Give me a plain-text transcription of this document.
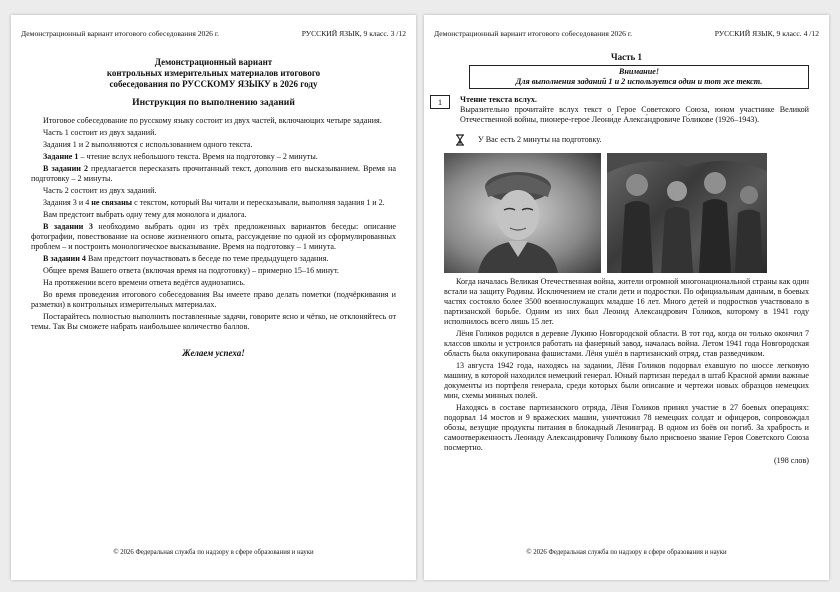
Демонстрационный вариант итогового собеседования 2026 г.	РУССКИЙ ЯЗЫК, 9 класс. 3 /12
Демонстрационный вариант
контрольных измерительных материалов итогового
собеседования по РУССКОМУ ЯЗЫКУ в 2026 году
Инструкция по выполнению заданий

Итоговое собеседование по русскому языку состоит из двух частей, включающих четыре задания.

Часть 1 состоит из двух заданий.

Задания 1 и 2 выполняются с использованием одного текста.

Задание 1 – чтение вслух небольшого текста. Время на подготовку – 2 минуты.

В задании 2 предлагается пересказать прочитанный текст, дополнив его высказыванием. Время на подготовку – 2 минуты.

Часть 2 состоит из двух заданий.

Задания 3 и 4 не связаны с текстом, который Вы читали и пересказывали, выполняя задания 1 и 2.

Вам предстоит выбрать одну тему для монолога и диалога.

В задании 3 необходимо выбрать один из трёх предложенных вариантов беседы: описание фотографии, повествование на основе жизненного опыта, рассуждение по одной из сформулированных проблем – и построить монологическое высказывание. Время на подготовку – 1 минута.

В задании 4 Вам предстоит поучаствовать в беседе по теме предыдущего задания.

Общее время Вашего ответа (включая время на подготовку) – примерно 15–16 минут.

На протяжении всего времени ответа ведётся аудиозапись.

Во время проведения итогового собеседования Вы имеете право делать пометки (подчёркивания и разметки) в контрольных измерительных материалах.

Постарайтесь полностью выполнить поставленные задачи, говорите ясно и чётко, не отклоняйтесь от темы. Так Вы сможете набрать наибольшее количество баллов.

Желаем успеха!
© 2026 Федеральная служба по надзору в сфере образования и науки
Демонстрационный вариант итогового собеседования 2026 г.	РУССКИЙ ЯЗЫК, 9 класс. 4 /12
Часть 1
Внимание!
Для выполнения заданий 1 и 2 используется один и тот же текст.
1	Чтение текста вслух.

Выразительно прочитайте вслух текст о Герое Советского Союза, юном участнике Великой Отечественной войны, пионере-герое Леони́де Алекса́ндровиче Го́ликове (1926–1943).

У Вас есть 2 минуты на подготовку.

Когда началась Великая Отечественная война, жители огромной многонациональной страны как один встали на защиту Родины. Исключением не стали дети и подростки. По официальным данным, в боевых частях состояло более 3500 военнослужащих младше 16 лет. Много детей и подростков участвовало в партизанской борьбе. Одним из них был Леонид Александрович Го́ликов, которому в 1941 году исполнилось всего лишь 15 лет.

Лёня Голиков родился в деревне Лукино Новгородской области. В тот год, когда он только окончил 7 классов школы и устроился работать на фане́рный завод, началась война. Летом 1941 года Новгородская область была оккупирована фашистами. Лёня ушёл в партизанский отряд, став разведчиком.

13 августа 1942 года, находясь на задании, Лёня Голиков подорвал ехавшую по шоссе легковую машину, в которой находился немецкий генерал. Юный партизан передал в штаб Красной армии важные документы из портфеля генерала, среди которых были описание и чертежи новых образцов немецких мин, схемы минных полей.

Находясь в составе партизанского отряда, Лёня Голиков принял участие в 27 боевых операциях: подорвал 14 мостов и 9 вражеских машин, уничтожил 78 немецких солдат и офицеров, сопровождал обозы, везущие продукты питания в блокадный Ленинград. В одном из боёв он погиб. За храбрость и самоотверженность Леониду Александровичу Голикову было присвоено звание Героя Советского Союза посмертно.

(198 слов)
© 2026 Федеральная служба по надзору в сфере образования и науки
